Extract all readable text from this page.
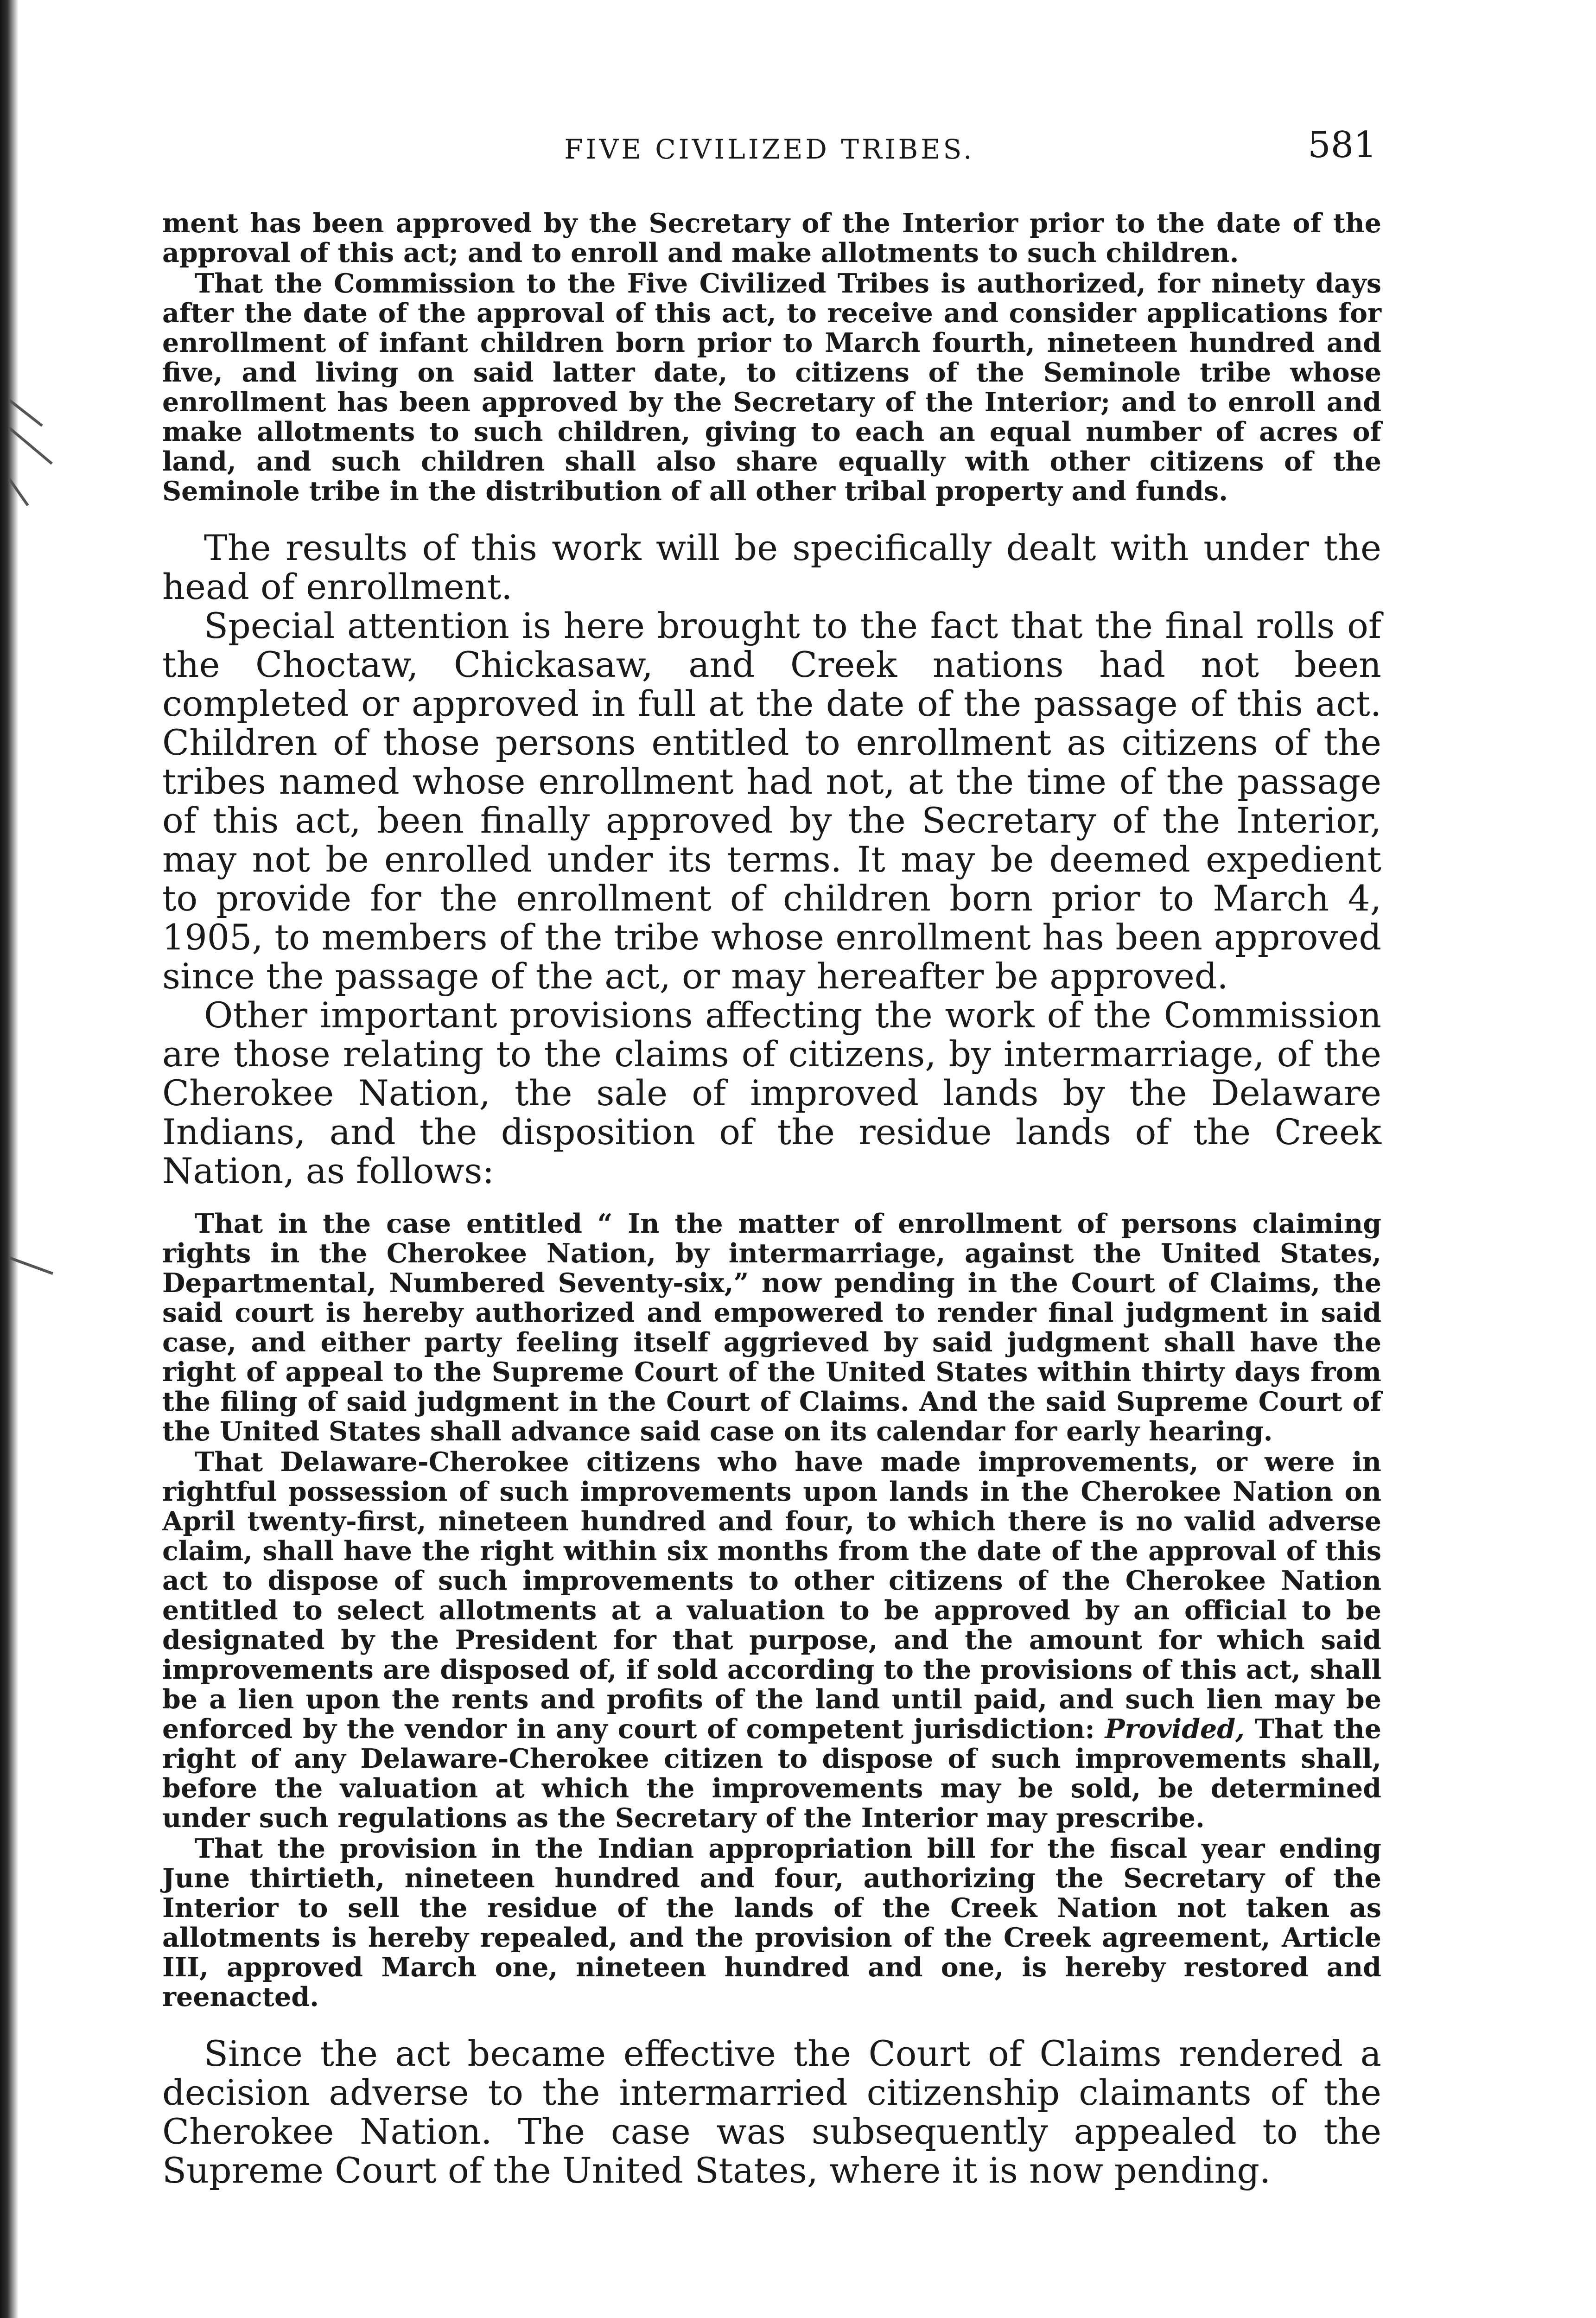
FIVE CIVILIZED TRIBES.	581

ment has been approved by the Secretary of the Interior prior to the date of the approval of this act; and to enroll and make allotments to such children.

That the Commission to the Five Civilized Tribes is authorized, for ninety days after the date of the approval of this act, to receive and consider applications for enrollment of infant children born prior to March fourth, nineteen hundred and five, and living on said latter date, to citizens of the Seminole tribe whose enrollment has been approved by the Secretary of the Interior; and to enroll and make allotments to such children, giving to each an equal number of acres of land, and such children shall also share equally with other citizens of the Seminole tribe in the distribution of all other tribal property and funds.

The results of this work will be specifically dealt with under the head of enrollment.

Special attention is here brought to the fact that the final rolls of the Choctaw, Chickasaw, and Creek nations had not been completed or approved in full at the date of the passage of this act. Children of those persons entitled to enrollment as citizens of the tribes named whose enrollment had not, at the time of the passage of this act, been finally approved by the Secretary of the Interior, may not be enrolled under its terms. It may be deemed expedient to provide for the enrollment of children born prior to March 4, 1905, to members of the tribe whose enrollment has been approved since the passage of the act, or may hereafter be approved.

Other important provisions affecting the work of the Commission are those relating to the claims of citizens, by intermarriage, of the Cherokee Nation, the sale of improved lands by the Delaware Indians, and the disposition of the residue lands of the Creek Nation, as follows:

That in the case entitled “ In the matter of enrollment of persons claiming rights in the Cherokee Nation, by intermarriage, against the United States, Departmental, Numbered Seventy-six,” now pending in the Court of Claims, the said court is hereby authorized and empowered to render final judgment in said case, and either party feeling itself aggrieved by said judgment shall have the right of appeal to the Supreme Court of the United States within thirty days from the filing of said judgment in the Court of Claims. And the said Supreme Court of the United States shall advance said case on its calendar for early hearing.

That Delaware-Cherokee citizens who have made improvements, or were in rightful possession of such improvements upon lands in the Cherokee Nation on April twenty-first, nineteen hundred and four, to which there is no valid adverse claim, shall have the right within six months from the date of the approval of this act to dispose of such improvements to other citizens of the Cherokee Nation entitled to select allotments at a valuation to be approved by an official to be designated by the President for that purpose, and the amount for which said improvements are disposed of, if sold according to the provisions of this act, shall be a lien upon the rents and profits of the land until paid, and such lien may be enforced by the vendor in any court of competent jurisdiction: Provided, That the right of any Delaware-Cherokee citizen to dispose of such improvements shall, before the valuation at which the improvements may be sold, be determined under such regulations as the Secretary of the Interior may prescribe.

That the provision in the Indian appropriation bill for the fiscal year ending June thirtieth, nineteen hundred and four, authorizing the Secretary of the Interior to sell the residue of the lands of the Creek Nation not taken as allotments is hereby repealed, and the provision of the Creek agreement, Article III, approved March one, nineteen hundred and one, is hereby restored and reenacted.

Since the act became effective the Court of Claims rendered a decision adverse to the intermarried citizenship claimants of the Cherokee Nation. The case was subsequently appealed to the Supreme Court of the United States, where it is now pending.
